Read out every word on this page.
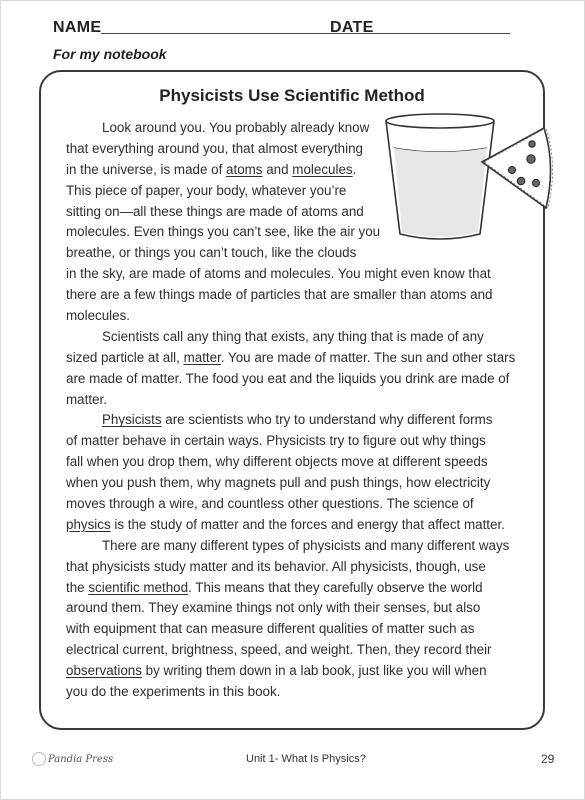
NAME	DATE
For my notebook
Physicists Use Scientific Method
Look around you. You probably already know
that everything around you, that almost everything
in the universe, is made of atoms and molecules.
This piece of paper, your body, whatever you’re
sitting on—all these things are made of atoms and
molecules. Even things you can’t see, like the air you
breathe, or things you can’t touch, like the clouds
in the sky, are made of atoms and molecules. You might even know that
there are a few things made of particles that are smaller than atoms and
molecules.
Scientists call any thing that exists, any thing that is made of any
sized particle at all, matter. You are made of matter. The sun and other stars
are made of matter. The food you eat and the liquids you drink are made of
matter.
Physicists are scientists who try to understand why different forms
of matter behave in certain ways. Physicists try to figure out why things
fall when you drop them, why different objects move at different speeds
when you push them, why magnets pull and push things, how electricity
moves through a wire, and countless other questions. The science of
physics is the study of matter and the forces and energy that affect matter.
There are many different types of physicists and many different ways
that physicists study matter and its behavior. All physicists, though, use
the scientific method. This means that they carefully observe the world
around them. They examine things not only with their senses, but also
with equipment that can measure different qualities of matter such as
electrical current, brightness, speed, and weight. Then, they record their
observations by writing them down in a lab book, just like you will when
you do the experiments in this book.
Pandia Press	Unit 1- What Is Physics?	29
